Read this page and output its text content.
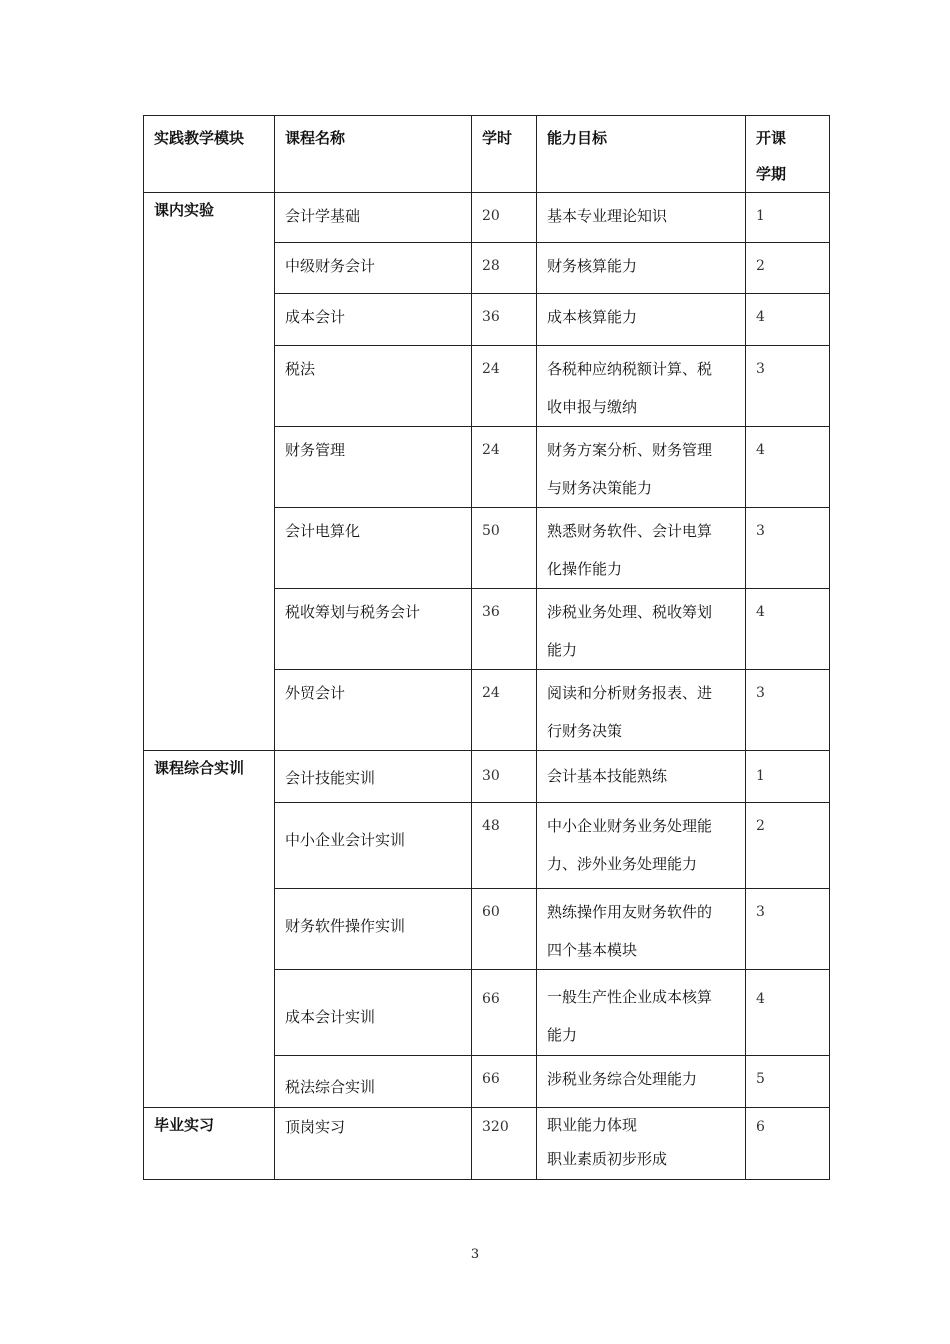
实践教学模块	课程名称	学时	能力目标	开课
学期

课内实验	会计学基础	20	基本专业理论知识	1

	中级财务会计	28	财务核算能力	2

	成本会计	36	成本核算能力	4

	税法	24	各税种应纳税额计算、税
收申报与缴纳	3

	财务管理	24	财务方案分析、财务管理
与财务决策能力	4

	会计电算化	50	熟悉财务软件、会计电算
化操作能力	3

	税收筹划与税务会计	36	涉税业务处理、税收筹划
能力	4

	外贸会计	24	阅读和分析财务报表、进
行财务决策	3

课程综合实训	会计技能实训	30	会计基本技能熟练	1

	中小企业会计实训	48	中小企业财务业务处理能
力、涉外业务处理能力	2

	财务软件操作实训	60	熟练操作用友财务软件的
四个基本模块	3

	成本会计实训	66	一般生产性企业成本核算
能力	4

	税法综合实训	66	涉税业务综合处理能力	5

毕业实习	顶岗实习	320	职业能力体现
职业素质初步形成	6
3
